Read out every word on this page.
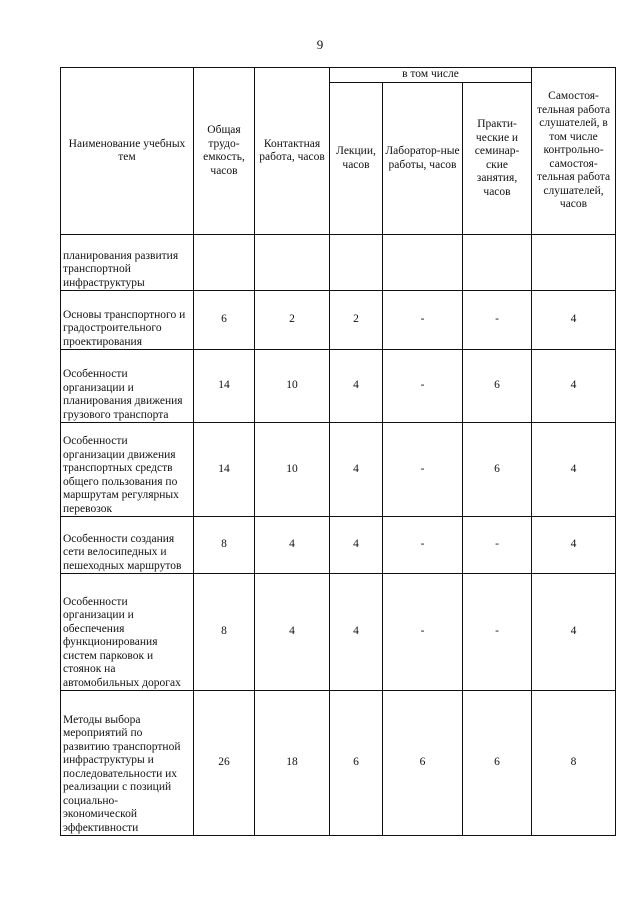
9
Наименование учебных тем	Общая трудо-емкость, часов	Контактная работа, часов	в том числе			Самостоя-тельная работа слушателей, в том числе контрольно-самостоя-тельная работа слушателей, часов
			Лекции, часов	Лаборатор-ные работы, часов	Практи-ческие и семинар-ские занятия, часов	
планирования развития транспортной инфраструктуры						
Основы транспортного и градостроительного проектирования	6	2	2	-	-	4
Особенности организации и планирования движения грузового транспорта	14	10	4	-	6	4
Особенности организации движения транспортных средств общего пользования по маршрутам регулярных перевозок	14	10	4	-	6	4
Особенности создания сети велосипедных и пешеходных маршрутов	8	4	4	-	-	4
Особенности организации и обеспечения функционирования систем парковок и стоянок на автомобильных дорогах	8	4	4	-	-	4
Методы выбора мероприятий по развитию транспортной инфраструктуры и последовательности их реализации с позиций социально-экономической эффективности	26	18	6	6	6	8
